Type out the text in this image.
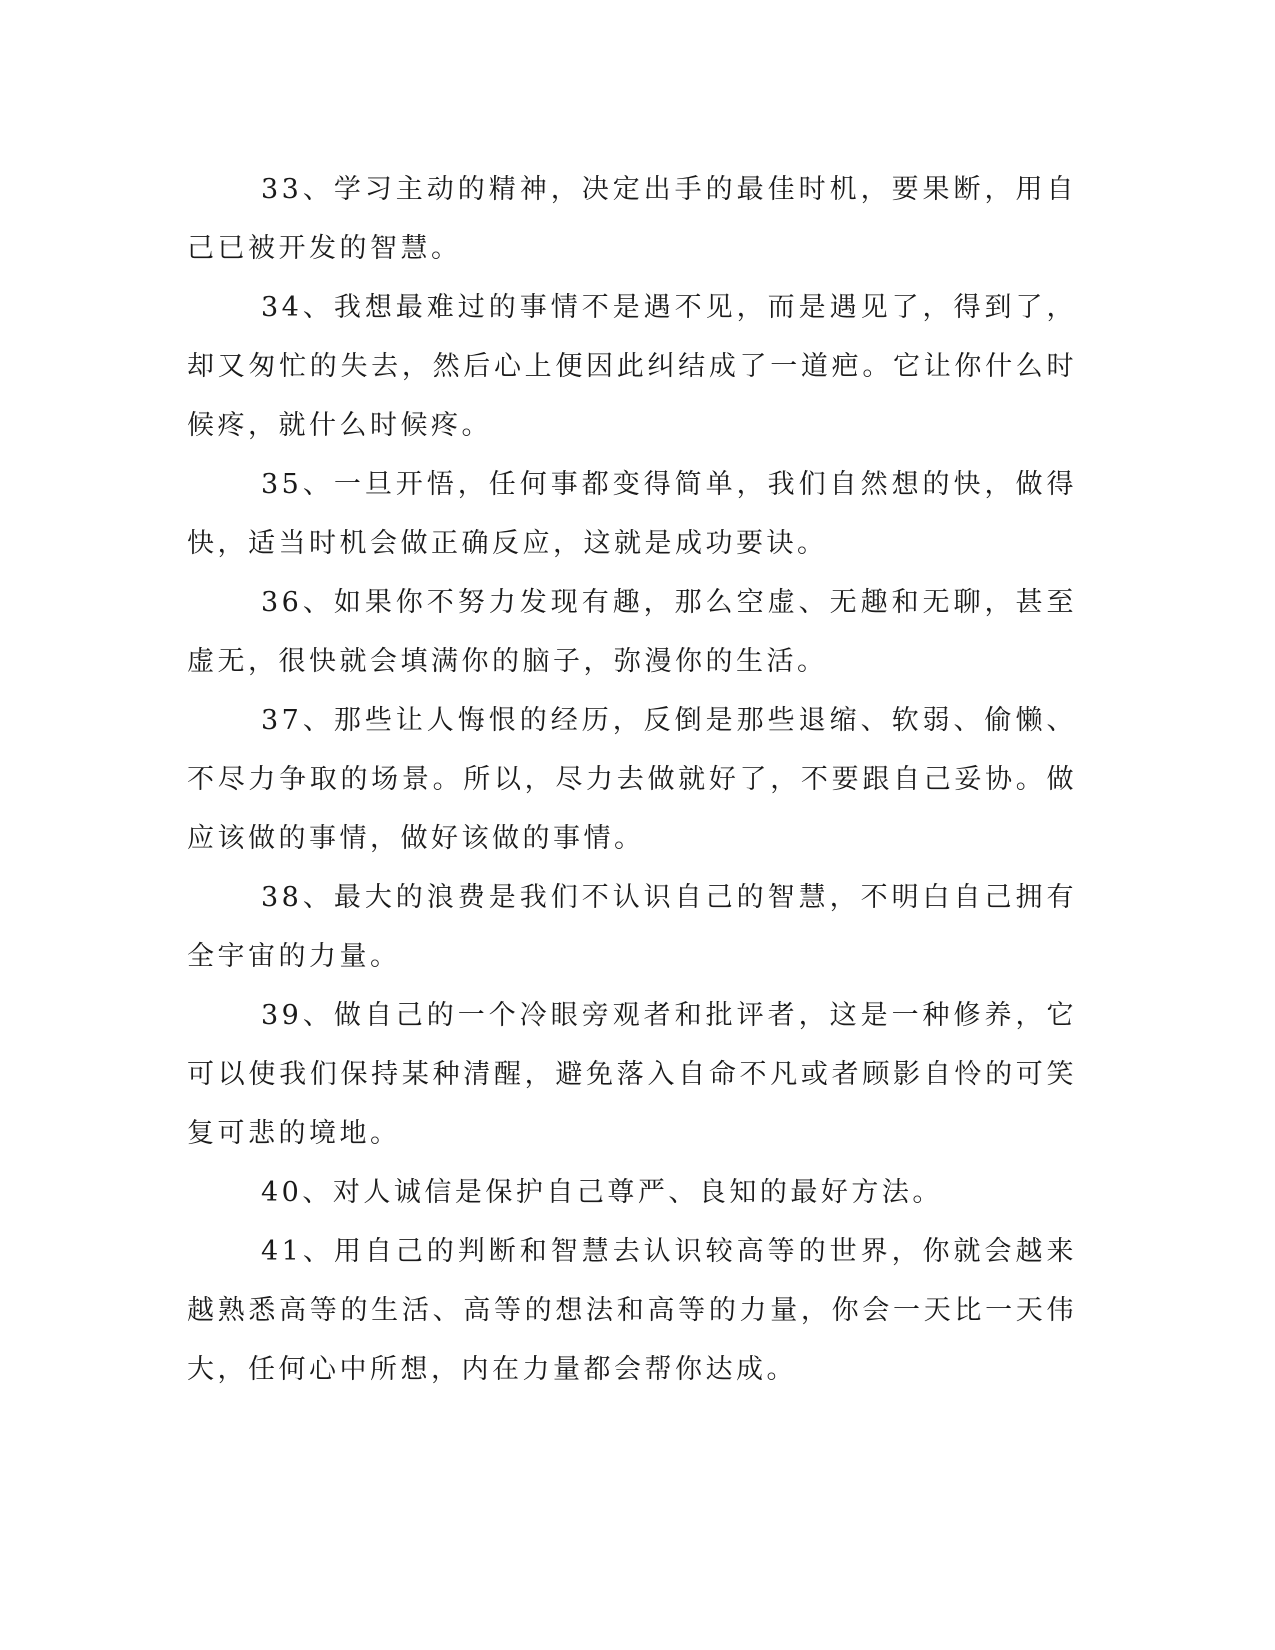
33、学习主动的精神，决定出手的最佳时机，要果断，用自己已被开发的智慧。

34、我想最难过的事情不是遇不见，而是遇见了，得到了，却又匆忙的失去，然后心上便因此纠结成了一道疤。它让你什么时候疼，就什么时候疼。

35、一旦开悟，任何事都变得简单，我们自然想的快，做得快，适当时机会做正确反应，这就是成功要诀。

36、如果你不努力发现有趣，那么空虚、无趣和无聊，甚至虚无，很快就会填满你的脑子，弥漫你的生活。

37、那些让人悔恨的经历，反倒是那些退缩、软弱、偷懒、不尽力争取的场景。所以，尽力去做就好了，不要跟自己妥协。做应该做的事情，做好该做的事情。

38、最大的浪费是我们不认识自己的智慧，不明白自己拥有全宇宙的力量。

39、做自己的一个冷眼旁观者和批评者，这是一种修养，它可以使我们保持某种清醒，避免落入自命不凡或者顾影自怜的可笑复可悲的境地。

40、对人诚信是保护自己尊严、良知的最好方法。

41、用自己的判断和智慧去认识较高等的世界，你就会越来越熟悉高等的生活、高等的想法和高等的力量，你会一天比一天伟大，任何心中所想，内在力量都会帮你达成。
